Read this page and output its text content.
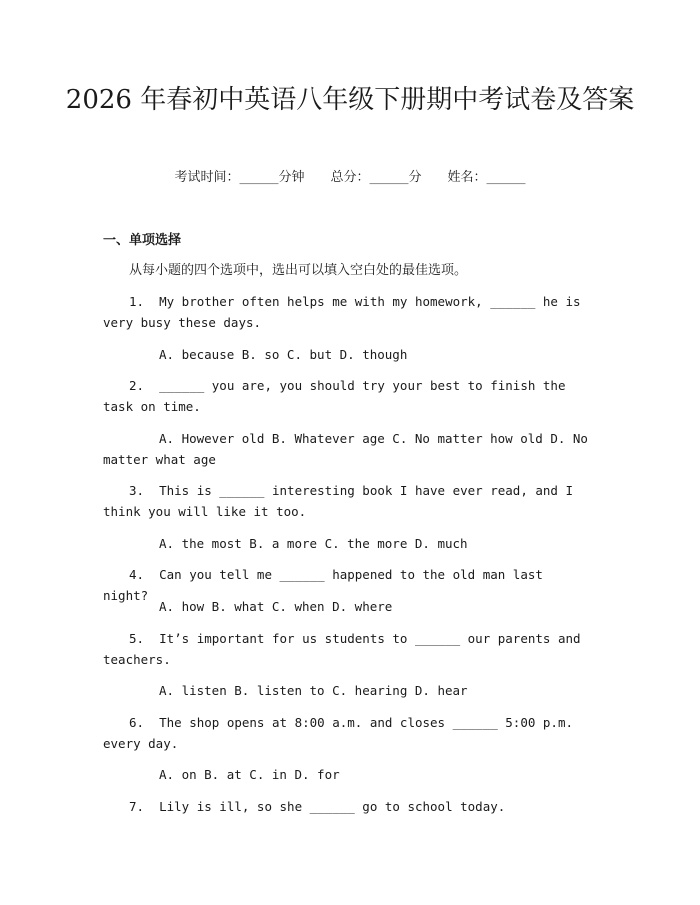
2026 年春初中英语八年级下册期中考试卷及答案
考试时间：______分钟 总分：______分 姓名：______
一、单项选择
从每小题的四个选项中，选出可以填入空白处的最佳选项。
1.  My brother often helps me with my homework, ______ he is very busy these days.
A. because B. so C. but D. though
2.  ______ you are, you should try your best to finish the task on time.
A. However old B. Whatever age C. No matter how old D. No matter what age
3.  This is ______ interesting book I have ever read, and I think you will like it too.
A. the most B. a more C. the more D. much
4.  Can you tell me ______ happened to the old man last night?
A. how B. what C. when D. where
5.  It’s important for us students to ______ our parents and teachers.
A. listen B. listen to C. hearing D. hear
6.  The shop opens at 8:00 a.m. and closes ______ 5:00 p.m. every day.
A. on B. at C. in D. for
7.  Lily is ill, so she ______ go to school today.
